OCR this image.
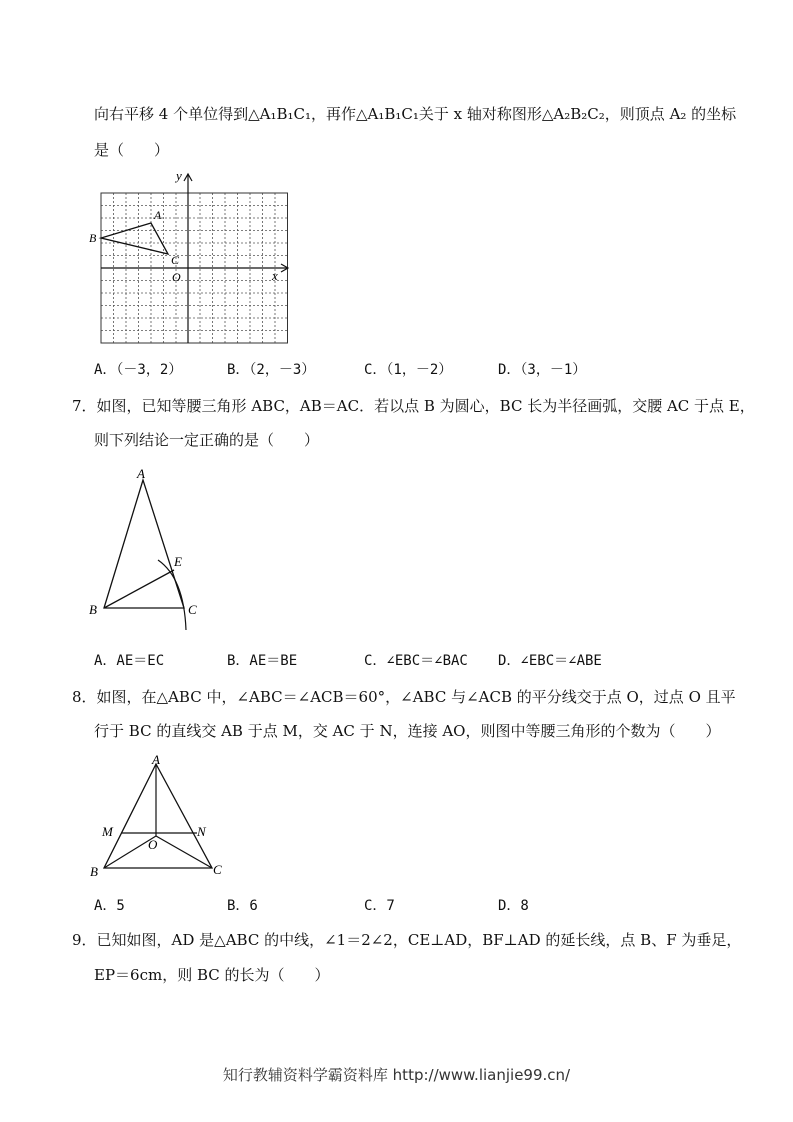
向右平移 4 个单位得到△A₁B₁C₁，再作△A₁B₁C₁关于 x 轴对称图形△A₂B₂C₂，则顶点 A₂ 的坐标
是（　　）
x
y
A
B
C
O
A．（－3，2）	B．（2，－3）	C．（1，－2）	D．（3，－1）
7．如图，已知等腰三角形 ABC，AB＝AC．若以点 B 为圆心，BC 长为半径画弧，交腰 AC 于点 E，
则下列结论一定正确的是（　　）
A
B	C
E
A．AE＝EC	B．AE＝BE	C．∠EBC＝∠BAC D．∠EBC＝∠ABE
8．如图，在△ABC 中，∠ABC＝∠ACB＝60°，∠ABC 与∠ACB 的平分线交于点 O，过点 O 且平
行于 BC 的直线交 AB 于点 M，交 AC 于 N，连接 AO，则图中等腰三角形的个数为（　　）
A
M	N
O
B	C
A．5	B．6	C．7	D．8
9．已知如图，AD 是△ABC 的中线，∠1＝2∠2，CE⊥AD，BF⊥AD 的延长线，点 B、F 为垂足，
EP＝6cm，则 BC 的长为（　　）
知行教辅资料学霸资料库 http://www.lianjie99.cn/
